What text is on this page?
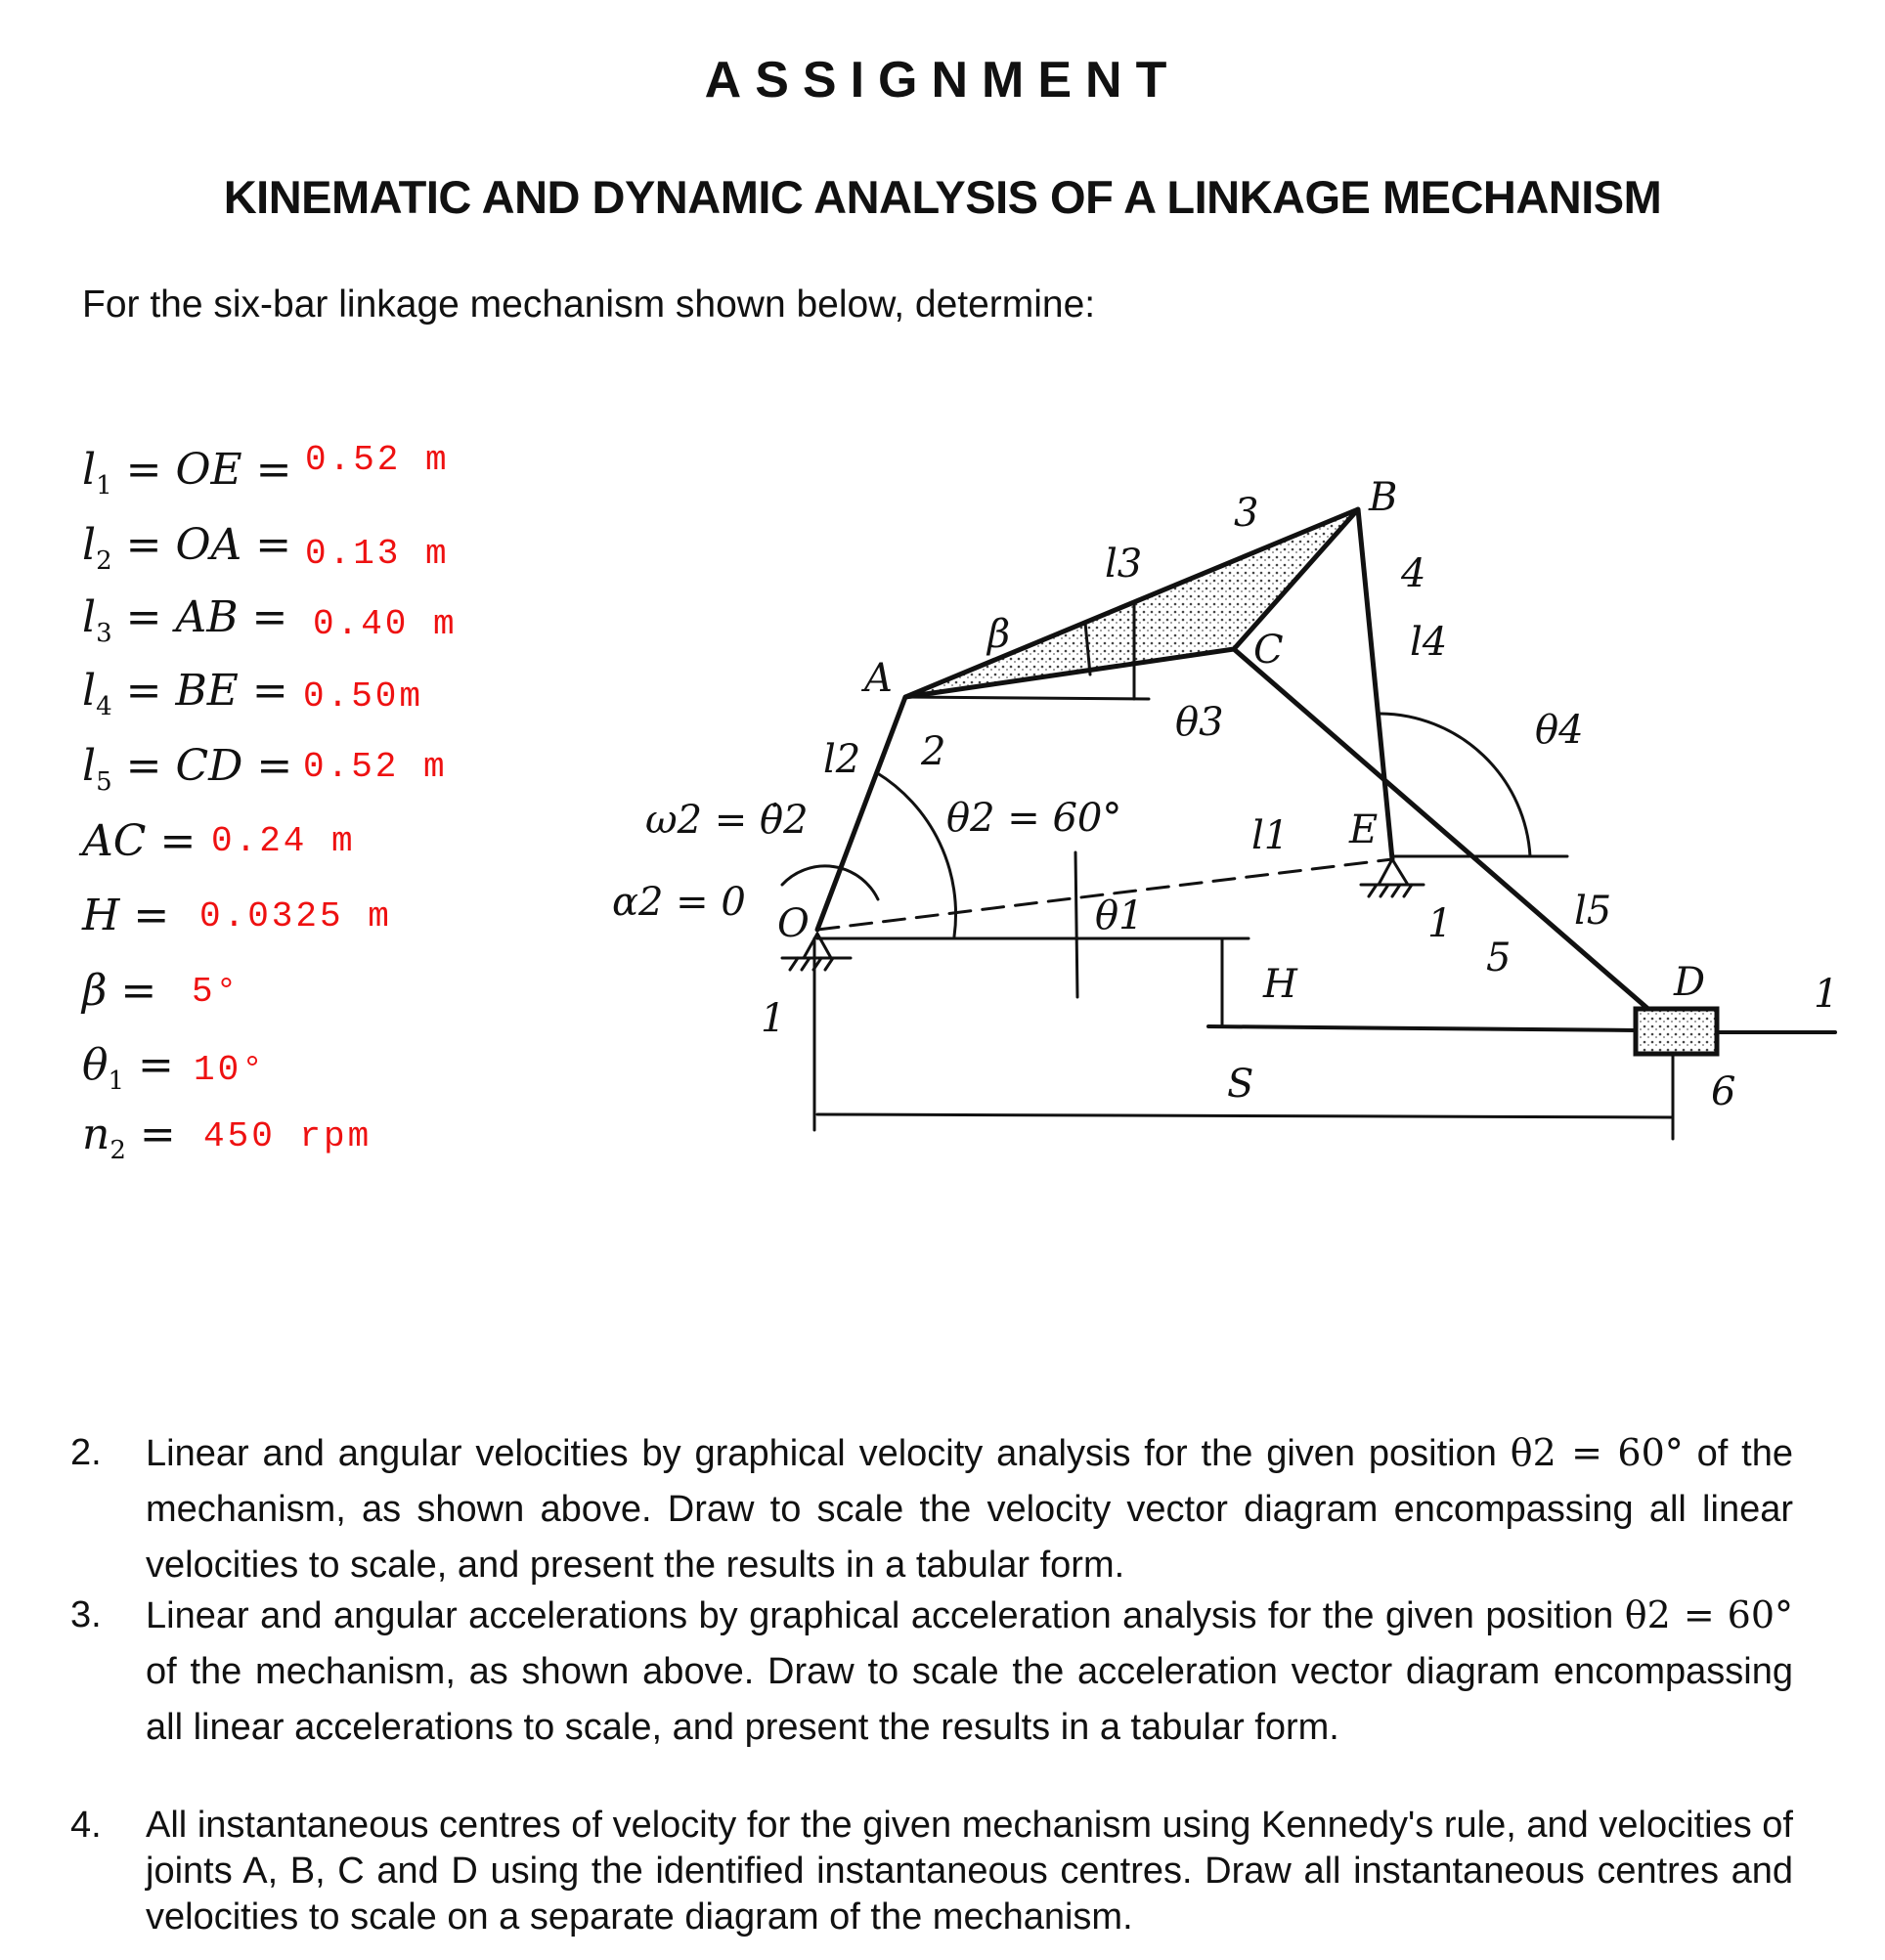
ASSIGNMENT
KINEMATIC AND DYNAMIC ANALYSIS OF A LINKAGE MECHANISM
For the six-bar linkage mechanism shown below, determine:
$l_1$ = OE = 0.52 m
$l_2$ = OA = 0.13 m
$l_3$ = AB = 0.40 m
$l_4$ = BE = 0.50m
$l_5$ = CD = 0.52 m
AC = 0.24 m
H = 0.0325 m
β = 5°
$\theta_1 = 10^\circ$
$n_2 = 450$ rpm
A
B
C
D
E
O
3
4
2
5
6
1
1
1
l3
l4
l2
l1
l5
β
θ3	θ4
θ1
θ2 = 60°
ω2 = θ̇2
α2 = 0
H
S
2. Linear and angular velocities by graphical velocity analysis for the given position θ2 = 60° of the mechanism, as shown above. Draw to scale the velocity vector diagram encompassing all linear velocities to scale, and present the results in a tabular form.
3. Linear and angular accelerations by graphical acceleration analysis for the given position θ2 = 60° of the mechanism, as shown above. Draw to scale the acceleration vector diagram encompassing all linear accelerations to scale, and present the results in a tabular form.
4. All instantaneous centres of velocity for the given mechanism using Kennedy's rule, and velocities of joints A, B, C and D using the identified instantaneous centres. Draw all instantaneous centres and velocities to scale on a separate diagram of the mechanism.
